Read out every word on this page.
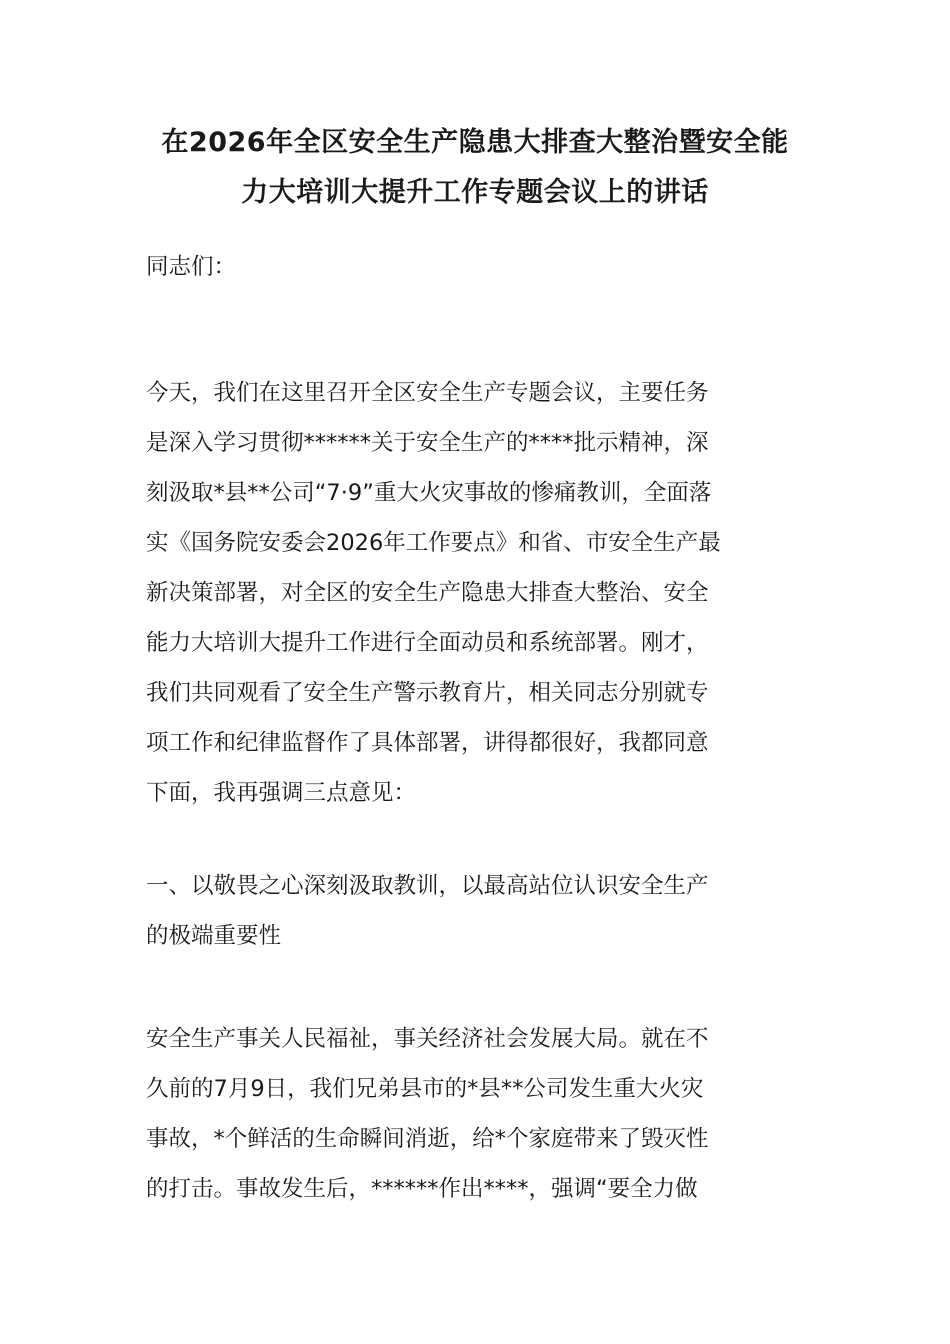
在2026年全区安全生产隐患大排查大整治暨安全能
力大培训大提升工作专题会议上的讲话
同志们：
今天，我们在这里召开全区安全生产专题会议，主要任务
是深入学习贯彻******关于安全生产的****批示精神，深
刻汲取*县**公司“7·9”重大火灾事故的惨痛教训，全面落
实《国务院安委会2026年工作要点》和省、市安全生产最
新决策部署，对全区的安全生产隐患大排查大整治、安全
能力大培训大提升工作进行全面动员和系统部署。刚才，
我们共同观看了安全生产警示教育片，相关同志分别就专
项工作和纪律监督作了具体部署，讲得都很好，我都同意
下面，我再强调三点意见：
一、以敬畏之心深刻汲取教训，以最高站位认识安全生产
的极端重要性
安全生产事关人民福祉，事关经济社会发展大局。就在不
久前的7月9日，我们兄弟县市的*县**公司发生重大火灾
事故，*个鲜活的生命瞬间消逝，给*个家庭带来了毁灭性
的打击。事故发生后，******作出****，强调“要全力做
